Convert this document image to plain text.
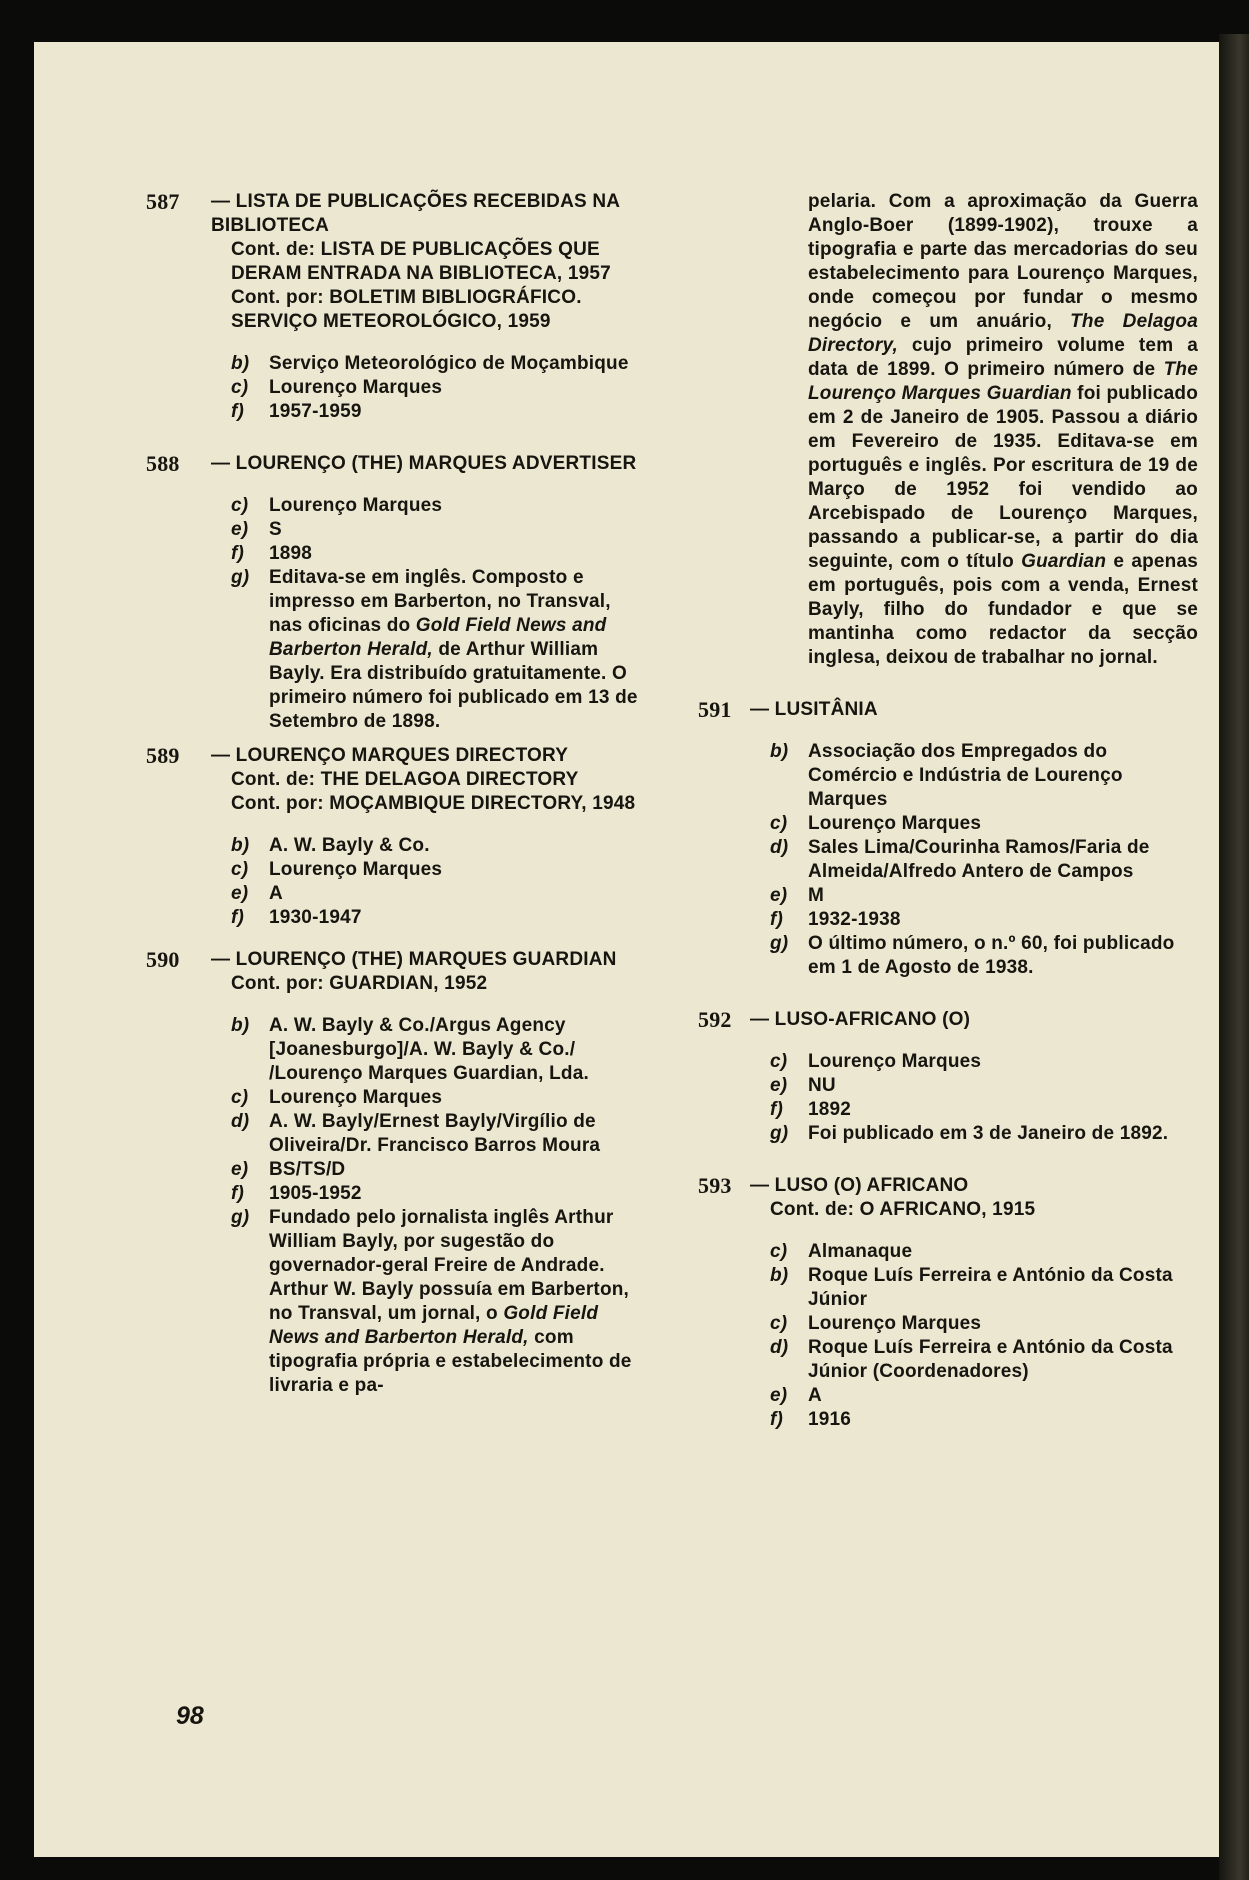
587 — LISTA DE PUBLICAÇÕES RECEBIDAS NA BIBLIOTECA
Cont. de: LISTA DE PUBLICAÇÕES QUE DERAM ENTRADA NA BIBLIOTECA, 1957
Cont. por: BOLETIM BIBLIOGRÁFICO. SERVIÇO METEOROLÓGICO, 1959
b)	Serviço Meteorológico de Moçambique
c)	Lourenço Marques
f)	1957-1959
588 — LOURENÇO (THE) MARQUES ADVERTISER
c)	Lourenço Marques
e)	S
f)	1898
g)	Editava-se em inglês. Composto e impresso em Barberton, no Transval, nas oficinas do Gold Field News and Barberton Herald, de Arthur William Bayly. Era distribuído gratuitamente. O primeiro número foi publicado em 13 de Setembro de 1898.
589 — LOURENÇO MARQUES DIRECTORY
Cont. de: THE DELAGOA DIRECTORY
Cont. por: MOÇAMBIQUE DIRECTORY, 1948
b)	A. W. Bayly & Co.
c)	Lourenço Marques
e)	A
f)	1930-1947
590 — LOURENÇO (THE) MARQUES GUARDIAN
Cont. por: GUARDIAN, 1952
b)	A. W. Bayly & Co./Argus Agency [Joanesburgo]/A. W. Bayly & Co./ /Lourenço Marques Guardian, Lda.
c)	Lourenço Marques
d)	A. W. Bayly/Ernest Bayly/Virgílio de Oliveira/Dr. Francisco Barros Moura
e)	BS/TS/D
f)	1905-1952
g)	Fundado pelo jornalista inglês Arthur William Bayly, por sugestão do governador-geral Freire de Andrade. Arthur W. Bayly possuía em Barberton, no Transval, um jornal, o Gold Field News and Barberton Herald, com tipografia própria e estabelecimento de livraria e pa-
pelaria. Com a aproximação da Guerra Anglo-Boer (1899-1902), trouxe a tipografia e parte das mercadorias do seu estabelecimento para Lourenço Marques, onde começou por fundar o mesmo negócio e um anuário, The Delagoa Directory, cujo primeiro volume tem a data de 1899. O primeiro número de The Lourenço Marques Guardian foi publicado em 2 de Janeiro de 1905. Passou a diário em Fevereiro de 1935. Editava-se em português e inglês. Por escritura de 19 de Março de 1952 foi vendido ao Arcebispado de Lourenço Marques, passando a publicar-se, a partir do dia seguinte, com o título Guardian e apenas em português, pois com a venda, Ernest Bayly, filho do fundador e que se mantinha como redactor da secção inglesa, deixou de trabalhar no jornal.
591 — LUSITÂNIA
b)	Associação dos Empregados do Comércio e Indústria de Lourenço Marques
c)	Lourenço Marques
d)	Sales Lima/Courinha Ramos/Faria de Almeida/Alfredo Antero de Campos
e)	M
f)	1932-1938
g)	O último número, o n.º 60, foi publicado em 1 de Agosto de 1938.
592 — LUSO-AFRICANO (O)
c)	Lourenço Marques
e)	NU
f)	1892
g)	Foi publicado em 3 de Janeiro de 1892.
593 — LUSO (O) AFRICANO
Cont. de: O AFRICANO, 1915
c)	Almanaque
b)	Roque Luís Ferreira e António da Costa Júnior
c)	Lourenço Marques
d)	Roque Luís Ferreira e António da Costa Júnior (Coordenadores)
e)	A
f)	1916
98
